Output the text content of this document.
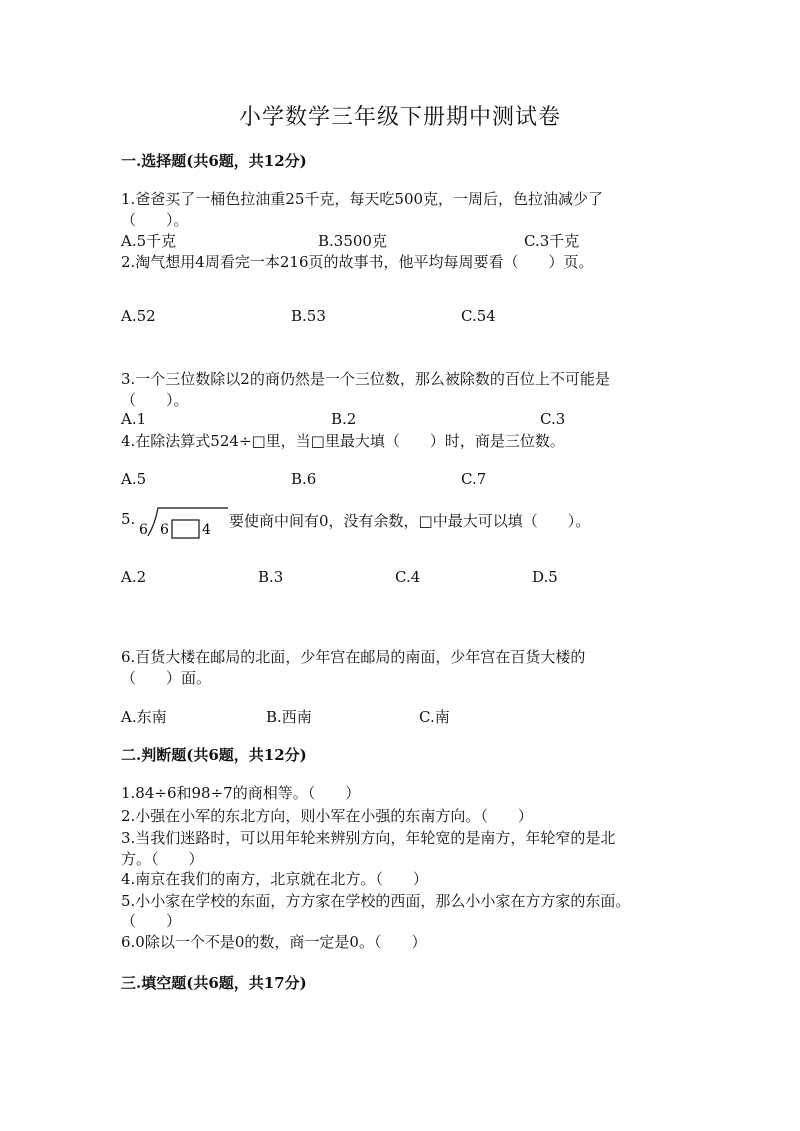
小学数学三年级下册期中测试卷
一.选择题(共6题，共12分)
1.爸爸买了一桶色拉油重25千克，每天吃500克，一周后，色拉油减少了
（　　）。
A.5千克	B.3500克	C.3千克
2.淘气想用4周看完一本216页的故事书，他平均每周要看（　　）页。
A.52	B.53	C.54
3.一个三位数除以2的商仍然是一个三位数，那么被除数的百位上不可能是
（　　）。
A.1	B.2	C.3
4.在除法算式524÷□里，当□里最大填（　　）时，商是三位数。
A.5	B.6	C.7
5.
6 6 4 要使商中间有0，没有余数，□中最大可以填（　　）。
A.2	B.3	C.4	D.5
6.百货大楼在邮局的北面，少年宫在邮局的南面，少年宫在百货大楼的
（　　）面。
A.东南	B.西南	C.南
二.判断题(共6题，共12分)
1.84÷6和98÷7的商相等。（　　）
2.小强在小军的东北方向，则小军在小强的东南方向。（　　）
3.当我们迷路时，可以用年轮来辨别方向，年轮宽的是南方，年轮窄的是北
方。（　　）
4.南京在我们的南方，北京就在北方。（　　）
5.小小家在学校的东面，方方家在学校的西面，那么小小家在方方家的东面。
（　　）
6.0除以一个不是0的数，商一定是0。（　　）
三.填空题(共6题，共17分)
